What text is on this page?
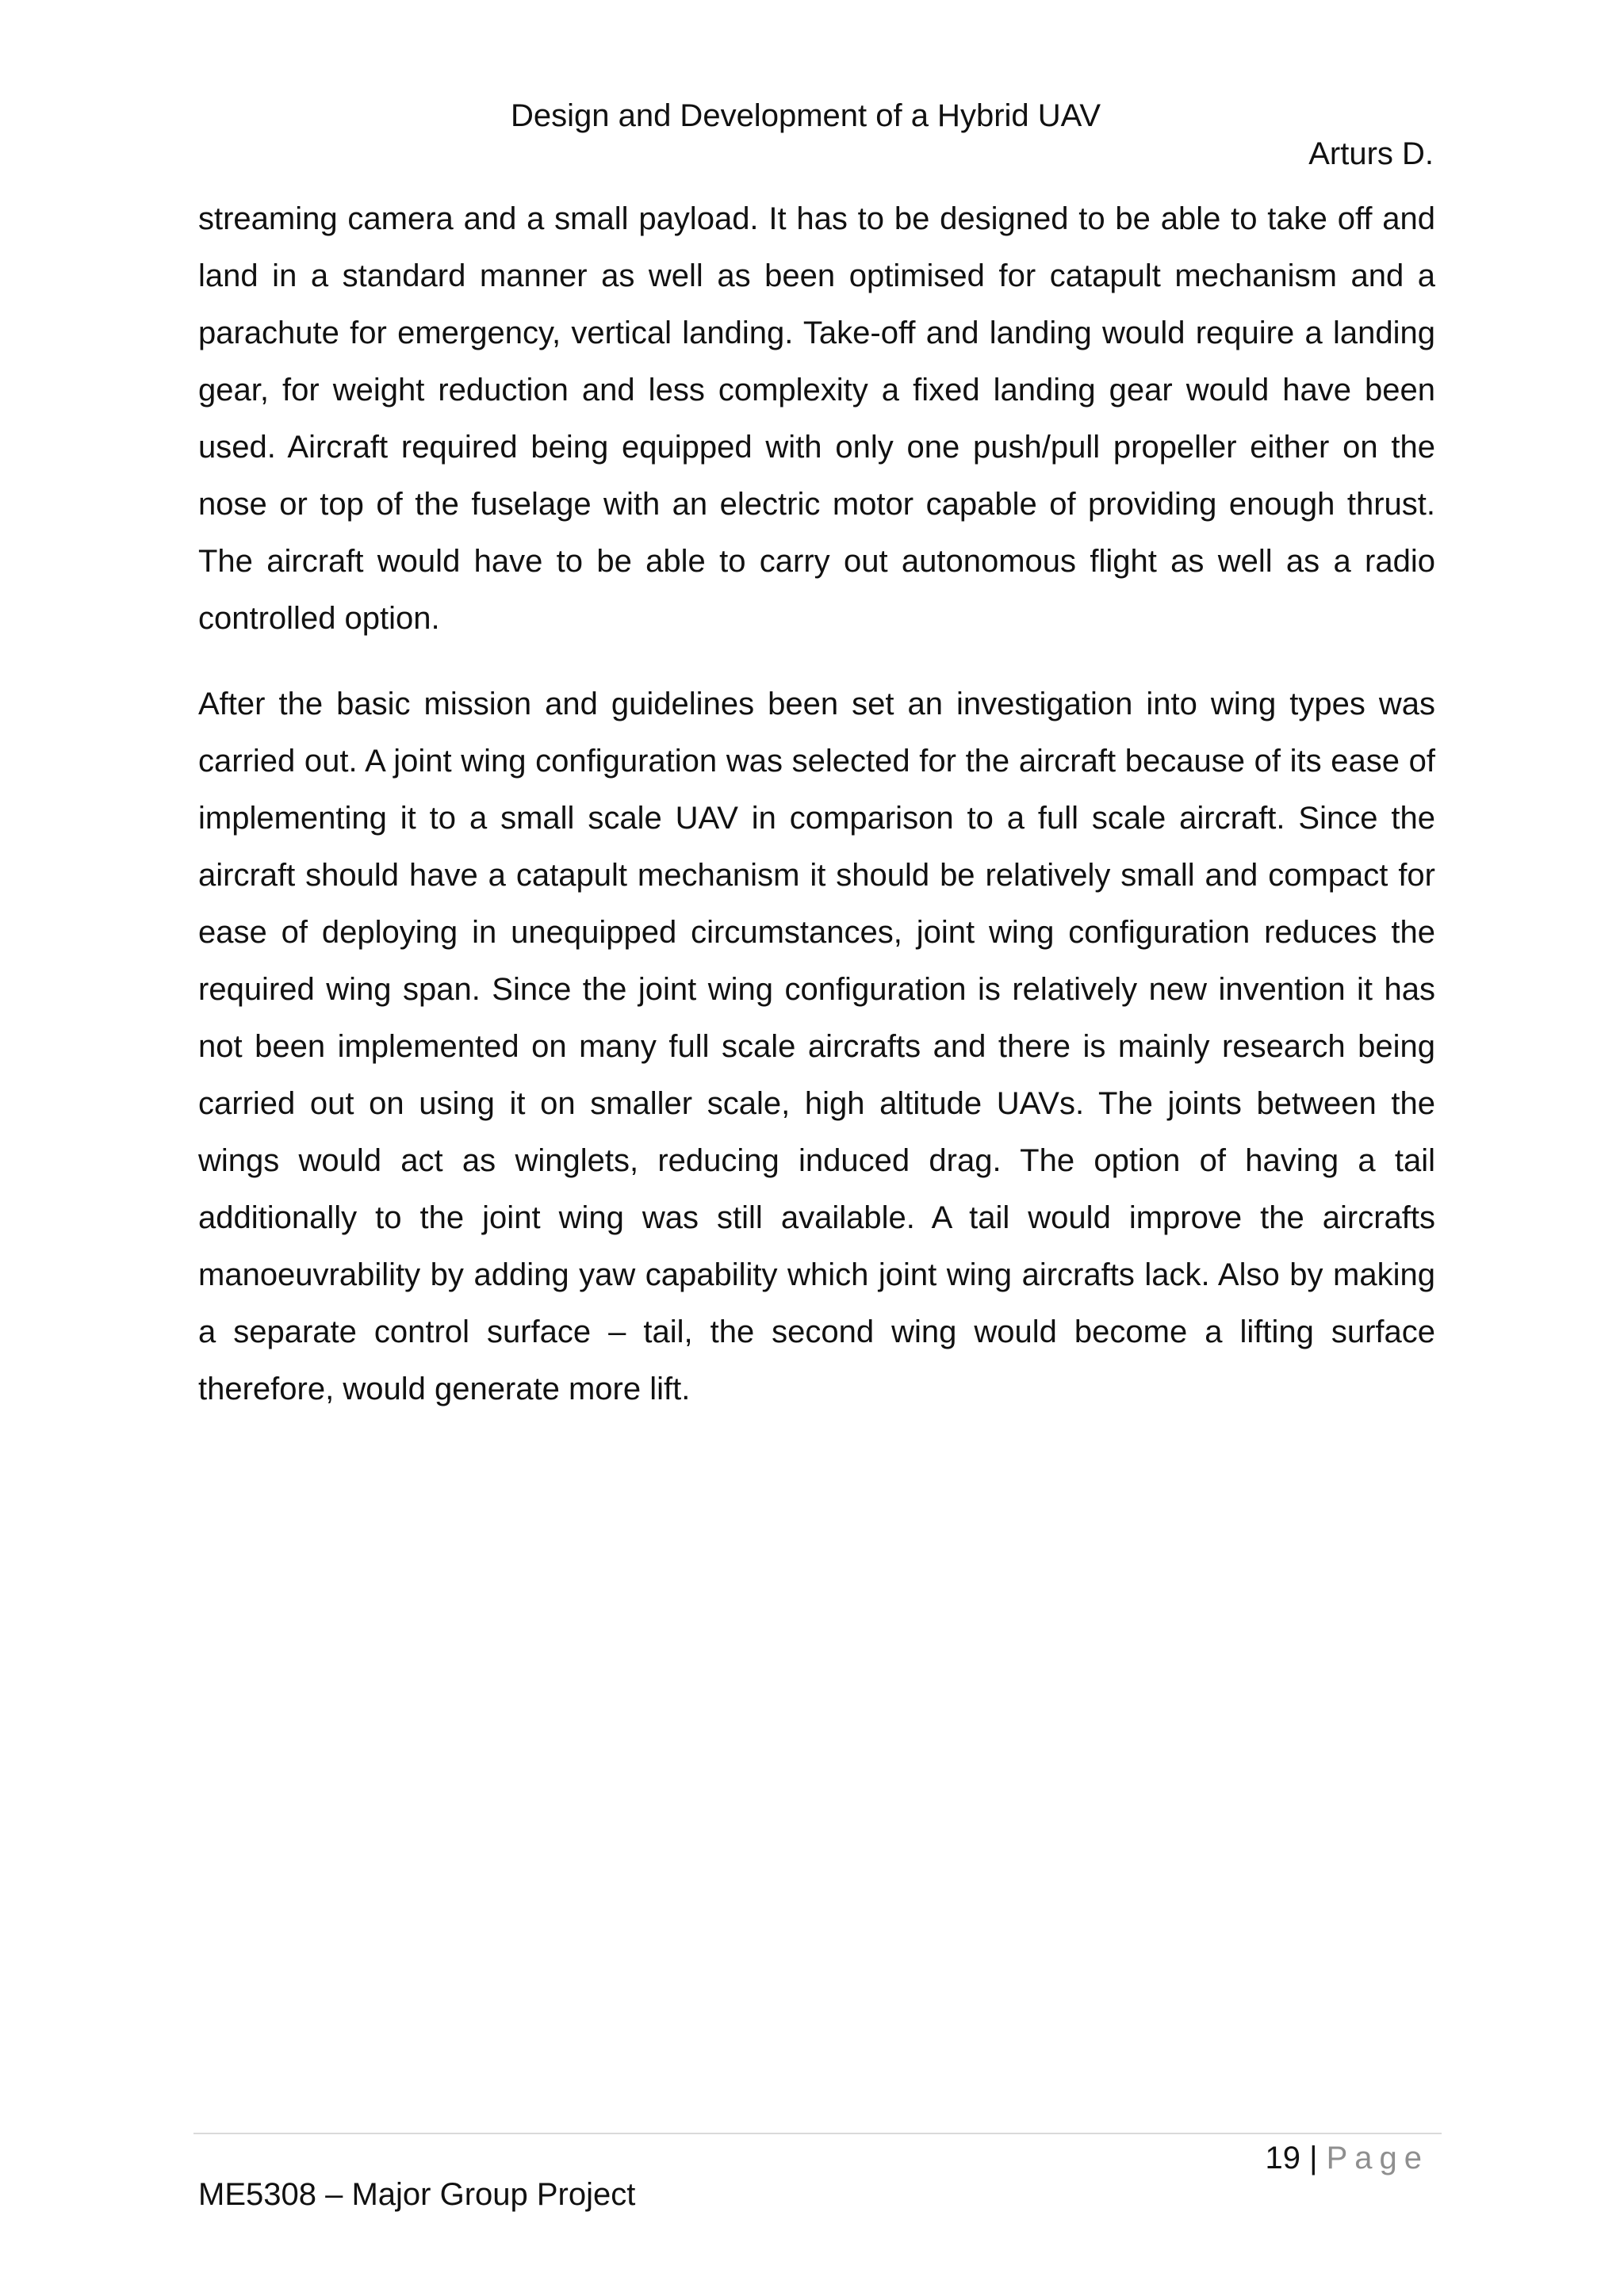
Design and Development of a Hybrid UAV
Arturs D.

streaming camera and a small payload. It has to be designed to be able to take off and land in a standard manner as well as been optimised for catapult mechanism and a parachute for emergency, vertical landing. Take-off and landing would require a landing gear, for weight reduction and less complexity a fixed landing gear would have been used. Aircraft required being equipped with only one push/pull propeller either on the nose or top of the fuselage with an electric motor capable of providing enough thrust. The aircraft would have to be able to carry out autonomous flight as well as a radio controlled option.

After the basic mission and guidelines been set an investigation into wing types was carried out. A joint wing configuration was selected for the aircraft because of its ease of implementing it to a small scale UAV in comparison to a full scale aircraft. Since the aircraft should have a catapult mechanism it should be relatively small and compact for ease of deploying in unequipped circumstances, joint wing configuration reduces the required wing span. Since the joint wing configuration is relatively new invention it has not been implemented on many full scale aircrafts and there is mainly research being carried out on using it on smaller scale, high altitude UAVs. The joints between the wings would act as winglets, reducing induced drag. The option of having a tail additionally to the joint wing was still available. A tail would improve the aircrafts manoeuvrability by adding yaw capability which joint wing aircrafts lack. Also by making a separate control surface – tail, the second wing would become a lifting surface therefore, would generate more lift.

19 | Page
ME5308 – Major Group Project
